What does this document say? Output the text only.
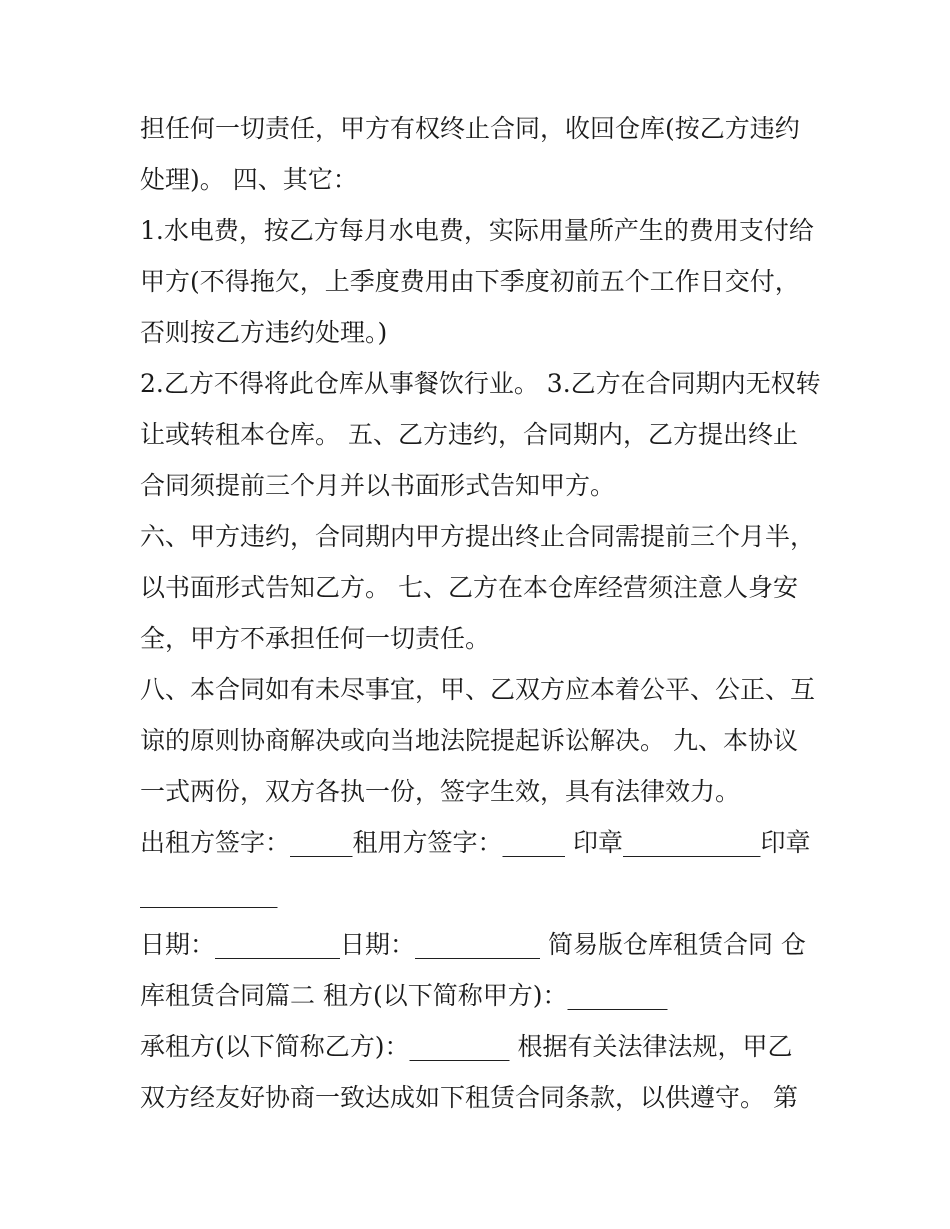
担任何一切责任，甲方有权终止合同，收回仓库(按乙方违约
处理)。 四、其它：
1.水电费，按乙方每月水电费，实际用量所产生的费用支付给
甲方(不得拖欠，上季度费用由下季度初前五个工作日交付，
否则按乙方违约处理。)
2.乙方不得将此仓库从事餐饮行业。 3.乙方在合同期内无权转
让或转租本仓库。 五、乙方违约，合同期内，乙方提出终止
合同须提前三个月并以书面形式告知甲方。
六、甲方违约，合同期内甲方提出终止合同需提前三个月半，
以书面形式告知乙方。 七、乙方在本仓库经营须注意人身安
全，甲方不承担任何一切责任。
八、本合同如有未尽事宜，甲、乙双方应本着公平、公正、互
谅的原则协商解决或向当地法院提起诉讼解决。 九、本协议
一式两份，双方各执一份，签字生效，具有法律效力。
出租方签字：_____租用方签字：_____ 印章___________印章
___________
日期：__________日期：__________ 简易版仓库租赁合同 仓
库租赁合同篇二 租方(以下简称甲方)：________
承租方(以下简称乙方)：________ 根据有关法律法规，甲乙
双方经友好协商一致达成如下租赁合同条款，以供遵守。 第
